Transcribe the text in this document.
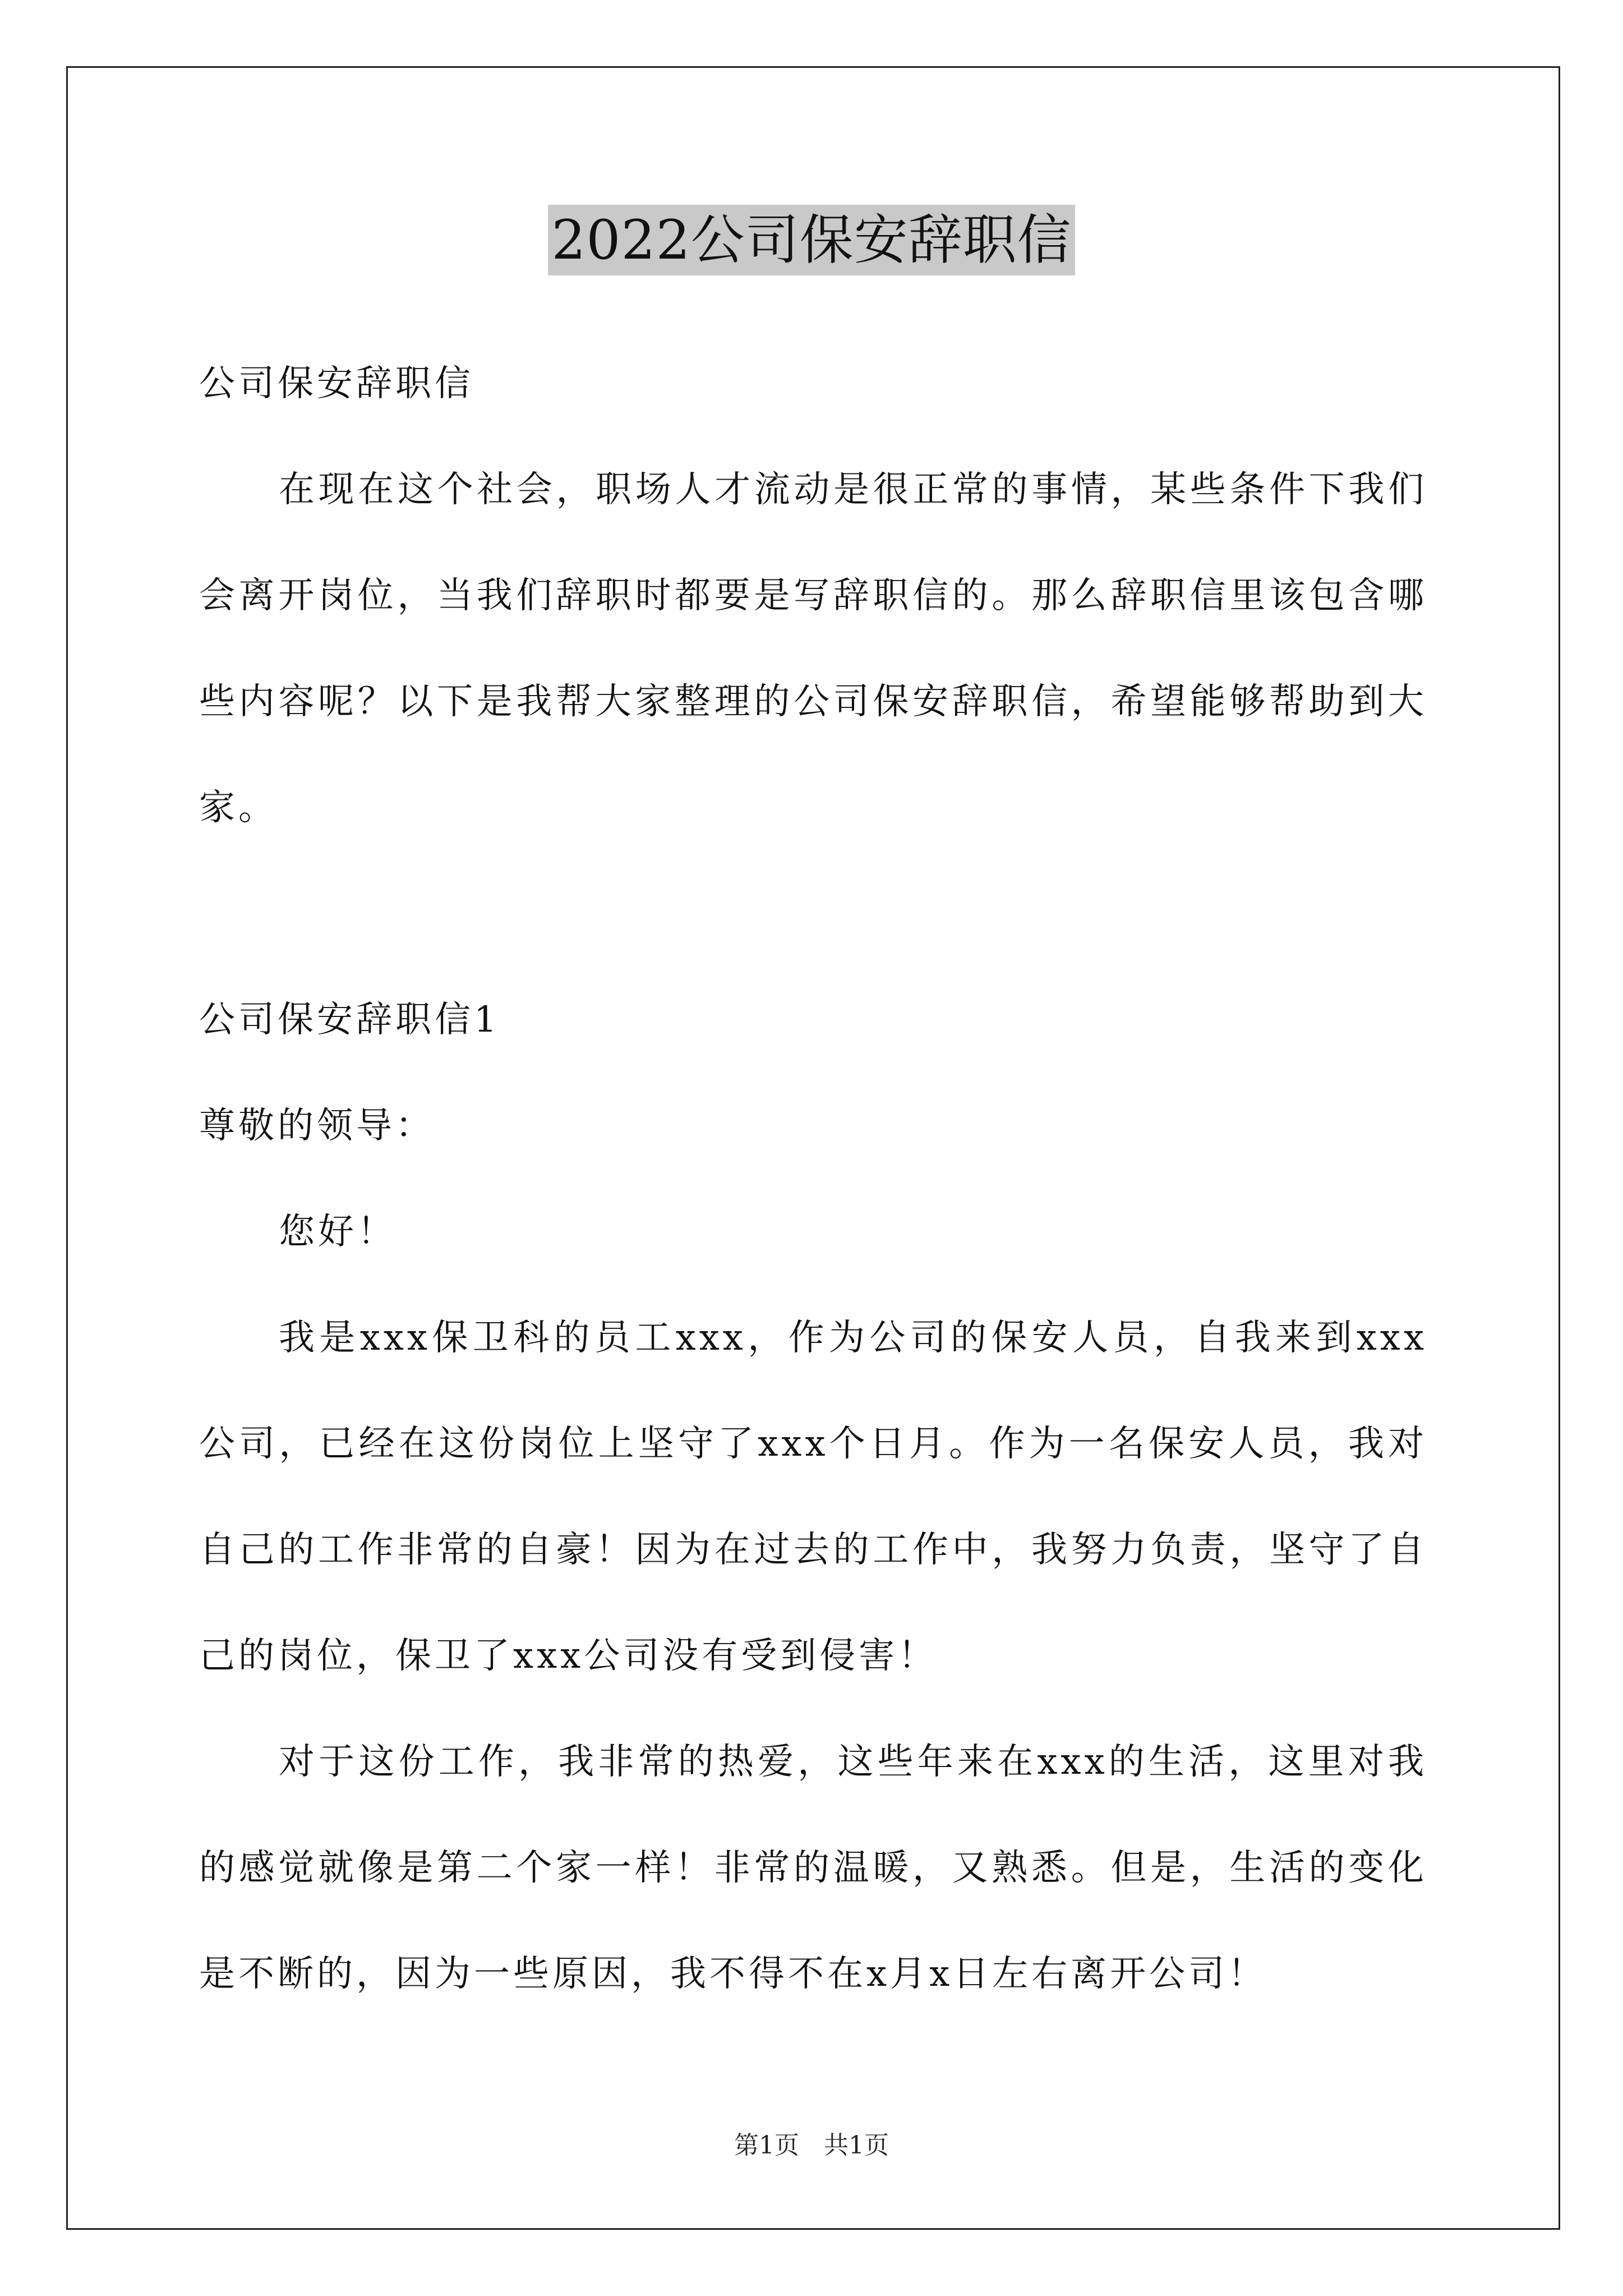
2022公司保安辞职信

公司保安辞职信

在现在这个社会，职场人才流动是很正常的事情，某些条件下我们会离开岗位，当我们辞职时都要是写辞职信的。那么辞职信里该包含哪些内容呢？以下是我帮大家整理的公司保安辞职信，希望能够帮助到大家。

公司保安辞职信1

尊敬的领导：

您好！

我是xxx保卫科的员工xxx，作为公司的保安人员，自我来到xxx公司，已经在这份岗位上坚守了xxx个日月。作为一名保安人员，我对自己的工作非常的自豪！因为在过去的工作中，我努力负责，坚守了自己的岗位，保卫了xxx公司没有受到侵害！

对于这份工作，我非常的热爱，这些年来在xxx的生活，这里对我的感觉就像是第二个家一样！非常的温暖，又熟悉。但是，生活的变化是不断的，因为一些原因，我不得不在x月x日左右离开公司！

第1页　共1页
